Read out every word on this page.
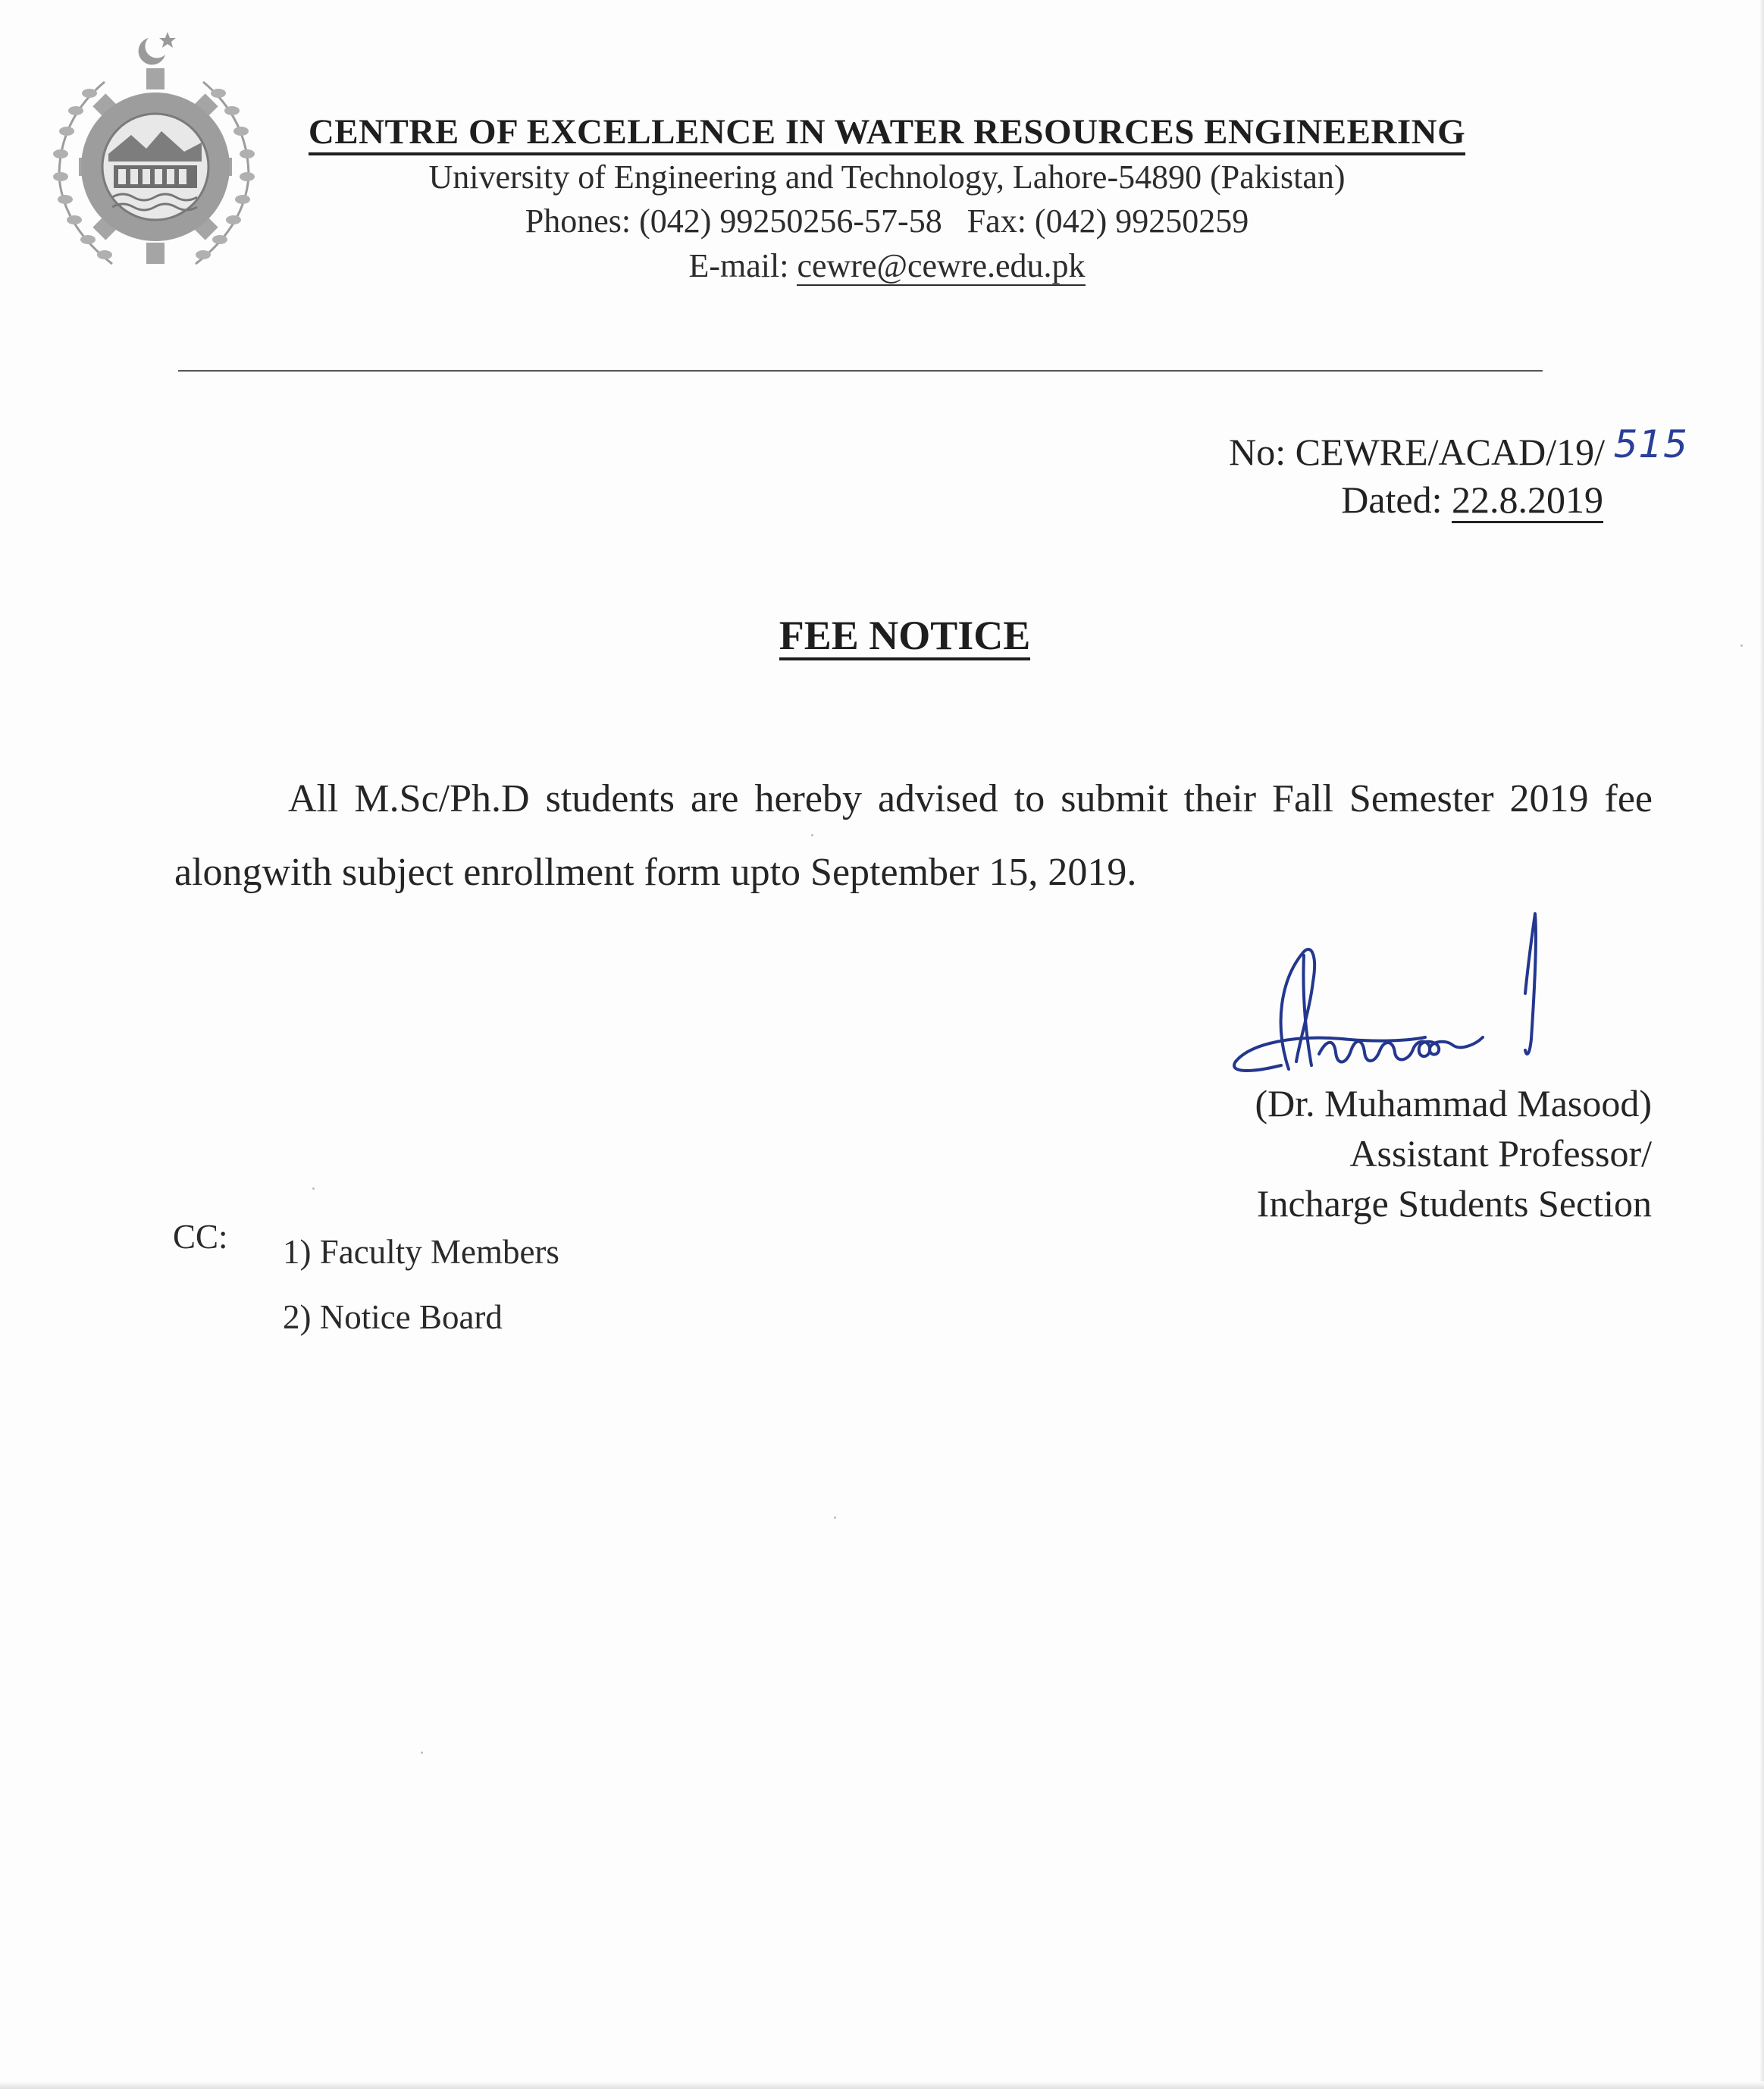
CENTRE OF EXCELLENCE IN WATER RESOURCES ENGINEERING
University of Engineering and Technology, Lahore-54890 (Pakistan)
Phones: (042) 99250256-57-58   Fax: (042) 99250259
E-mail: cewre@cewre.edu.pk
No: CEWRE/ACAD/19/ 515
Dated: 22.8.2019
FEE NOTICE
All M.Sc/Ph.D students are hereby advised to submit their Fall Semester 2019 fee alongwith subject enrollment form upto September 15, 2019.
(Dr. Muhammad Masood)
Assistant Professor/
Incharge Students Section
CC: 1) Faculty Members
2) Notice Board
